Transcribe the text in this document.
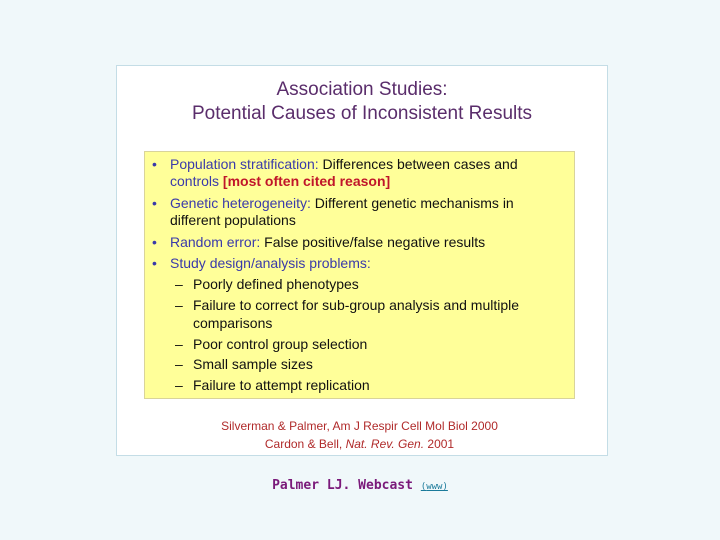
Association Studies:
Potential Causes of Inconsistent Results
• Population stratification: Differences between cases and
controls [most often cited reason]
• Genetic heterogeneity: Different genetic mechanisms in
different populations
• Random error: False positive/false negative results
• Study design/analysis problems:
– Poorly defined phenotypes
– Failure to correct for sub-group analysis and multiple
comparisons
– Poor control group selection
– Small sample sizes
– Failure to attempt replication
Silverman & Palmer, Am J Respir Cell Mol Biol 2000
Cardon & Bell, Nat. Rev. Gen. 2001
Palmer LJ. Webcast (www)
